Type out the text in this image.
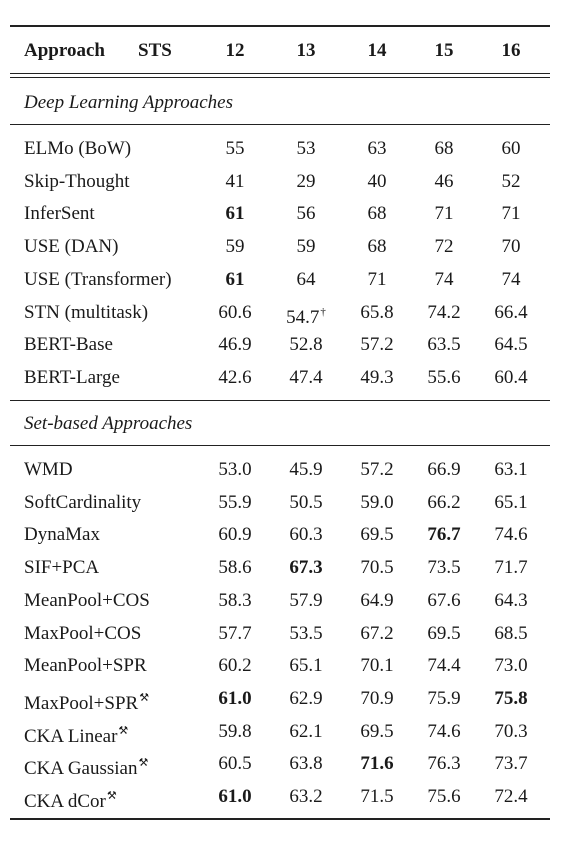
Approach STS	12	13	14	15	16
Deep Learning Approaches
ELMo (BoW)	55	53	63	68	60
Skip-Thought	41	29	40	46	52
InferSent	61	56	68	71	71
USE (DAN)	59	59	68	72	70
USE (Transformer)	61	64	71	74	74
STN (multitask)	60.6	54.7†	65.8	74.2	66.4
BERT-Base	46.9	52.8	57.2	63.5	64.5
BERT-Large	42.6	47.4	49.3	55.6	60.4
Set-based Approaches
WMD	53.0	45.9	57.2	66.9	63.1
SoftCardinality	55.9	50.5	59.0	66.2	65.1
DynaMax	60.9	60.3	69.5	76.7	74.6
SIF+PCA	58.6	67.3	70.5	73.5	71.7
MeanPool+COS	58.3	57.9	64.9	67.6	64.3
MaxPool+COS	57.7	53.5	67.2	69.5	68.5
MeanPool+SPR	60.2	65.1	70.1	74.4	73.0
MaxPool+SPR⚒	61.0	62.9	70.9	75.9	75.8
CKA Linear⚒	59.8	62.1	69.5	74.6	70.3
CKA Gaussian⚒	60.5	63.8	71.6	76.3	73.7
CKA dCor⚒	61.0	63.2	71.5	75.6	72.4
